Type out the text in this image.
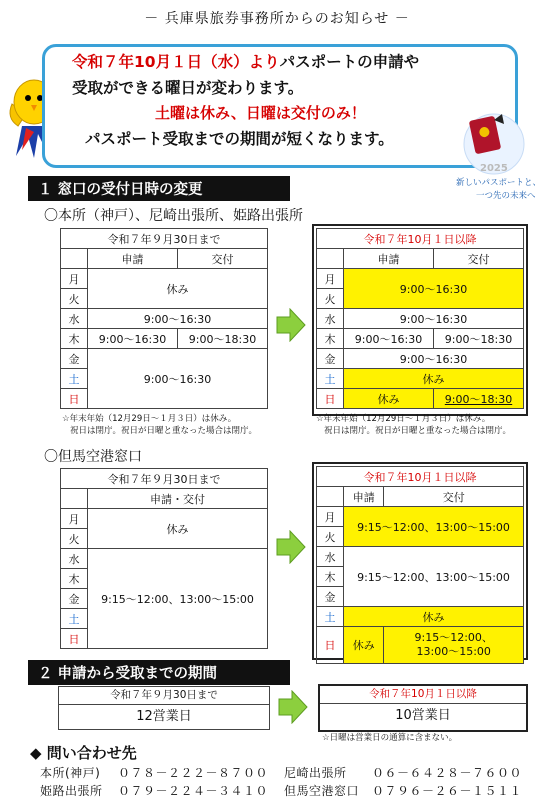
－ 兵庫県旅券事務所からのお知らせ －
令和７年10月１日（水）よりパスポートの申請や
受取ができる曜日が変わります。
土曜は休み、日曜は交付のみ！
パスポート受取までの期間が短くなります。
2025
新しいパスポートと、
一つ先の未来へ
１ 窓口の受付日時の変更
〇本所（神戸）、尼崎出張所、姫路出張所
令和７年９月30日まで		
	申請	交付
月	休み	
火		
水	9:00～16:30	
木	9:00～16:30	9:00～18:30
金	9:00～16:30	
土		
日		
☆年末年始（12月29日～１月３日）は休み。
祝日は閉庁。祝日が日曜と重なった場合は閉庁。
令和７年10月１日以降		
	申請	交付
月	9:00～16:30	
火		
水	9:00～16:30	
木	9:00～16:30	9:00～18:30
金	9:00～16:30	
土	休み	
日	休み	9:00～18:30
☆年末年始（12月29日～１月３日）は休み。
祝日は閉庁。祝日が日曜と重なった場合は閉庁。
〇但馬空港窓口
令和７年９月30日まで	
	申請・交付
月	休み
火	
水	9:15～12:00、13:00～15:00
木	
金	
土	
日	
令和７年10月１日以降		
	申請	交付
月	9:15～12:00、13:00～15:00	
火		
水	9:15～12:00、13:00～15:00	
木		
金		
土	休み	
日	休み	9:15～12:00、
13:00～15:00
２ 申請から受取までの期間
令和７年９月30日まで
12営業日
令和７年10月１日以降
10営業日
☆日曜は営業日の通算に含まない。
◆ 問い合わせ先
本所(神戸) ０７８－２２２－８７００ 尼崎出張所 ０６－６４２８－７６００
姫路出張所 ０７９－２２４－３４１０ 但馬空港窓口 ０７９６－２６－１５１１
